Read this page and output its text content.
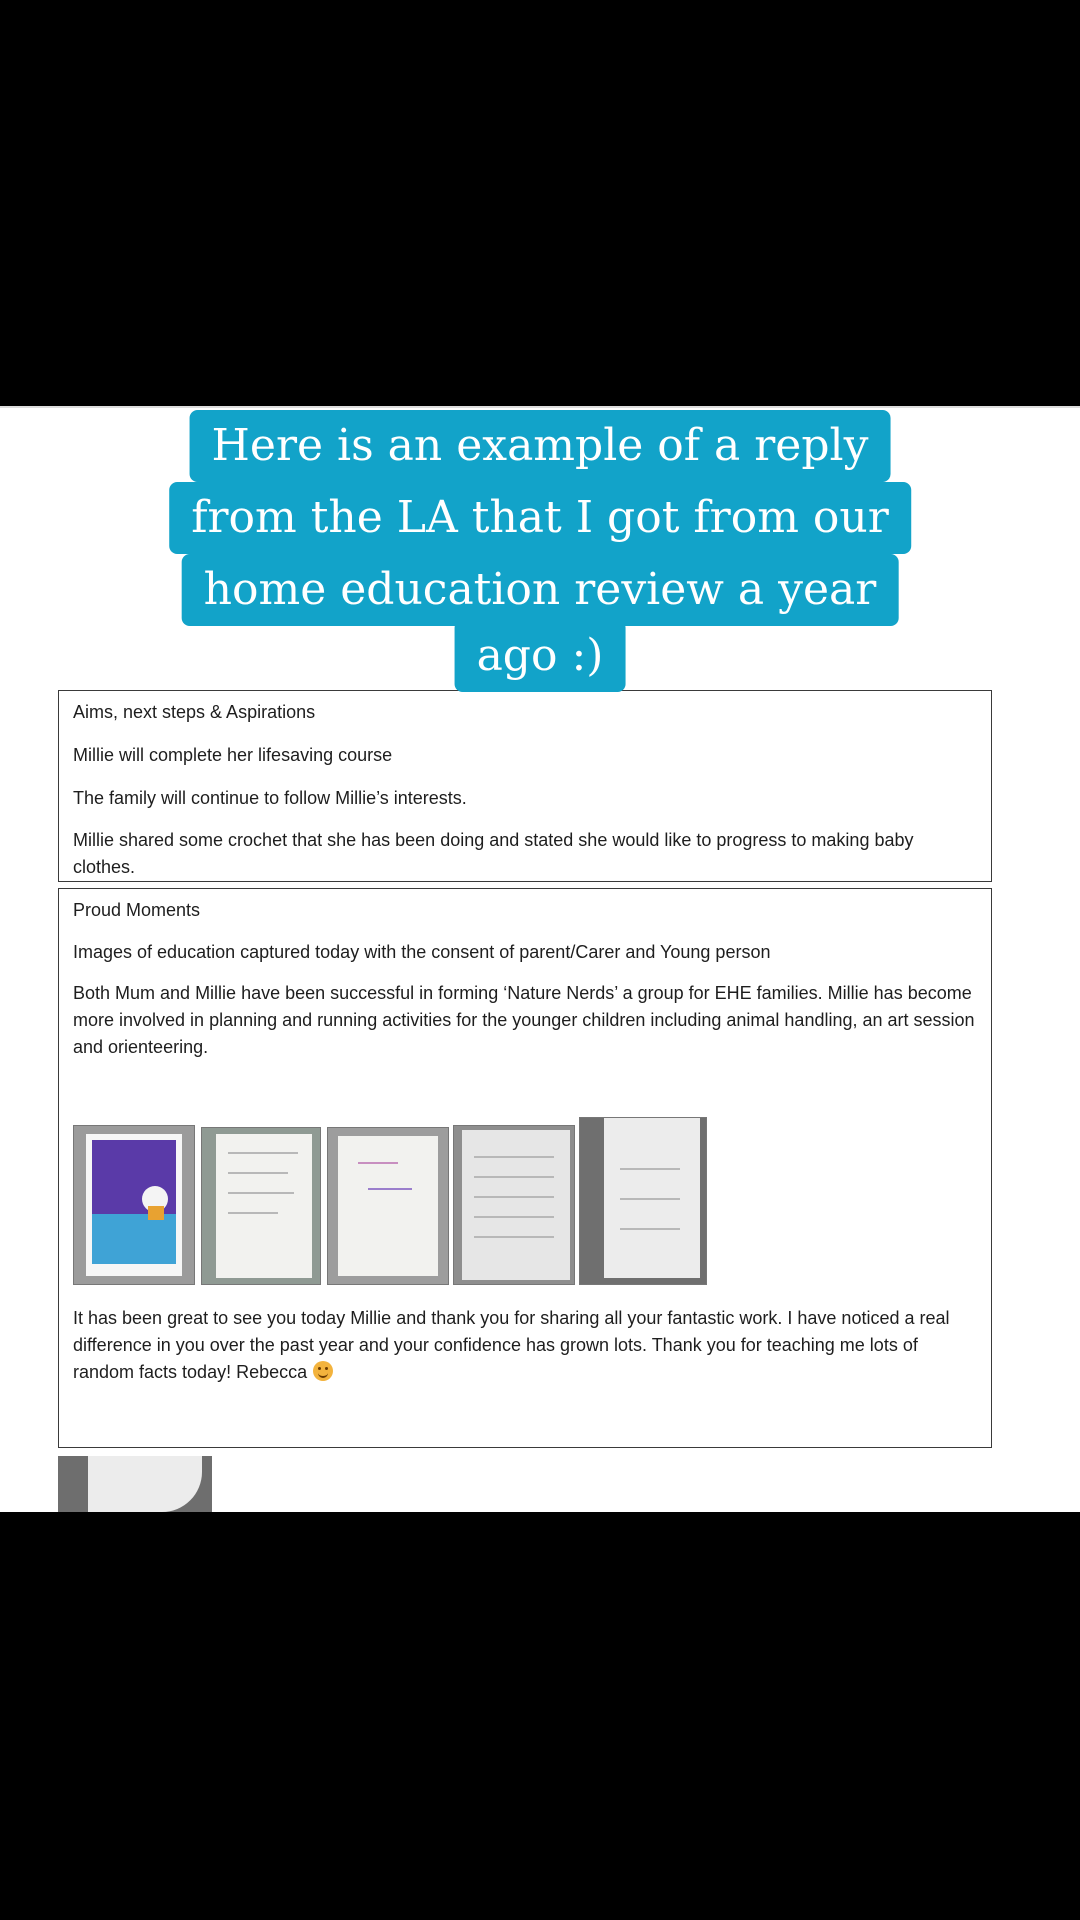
Here is an example of a reply
from the LA that I got from our
home education review a year
ago :)

Aims, next steps & Aspirations

Millie will complete her lifesaving course

The family will continue to follow Millie’s interests.

Millie shared some crochet that she has been doing and stated she would like to progress to making baby clothes.

Proud Moments

Images of education captured today with the consent of parent/Carer and Young person

Both Mum and Millie have been successful in forming ‘Nature Nerds’ a group for EHE families. Millie has become more involved in planning and running activities for the younger children including animal handling, an art session and orienteering.

It has been great to see you today Millie and thank you for sharing all your fantastic work. I have noticed a real difference in you over the past year and your confidence has grown lots. Thank you for teaching me lots of random facts today! Rebecca
